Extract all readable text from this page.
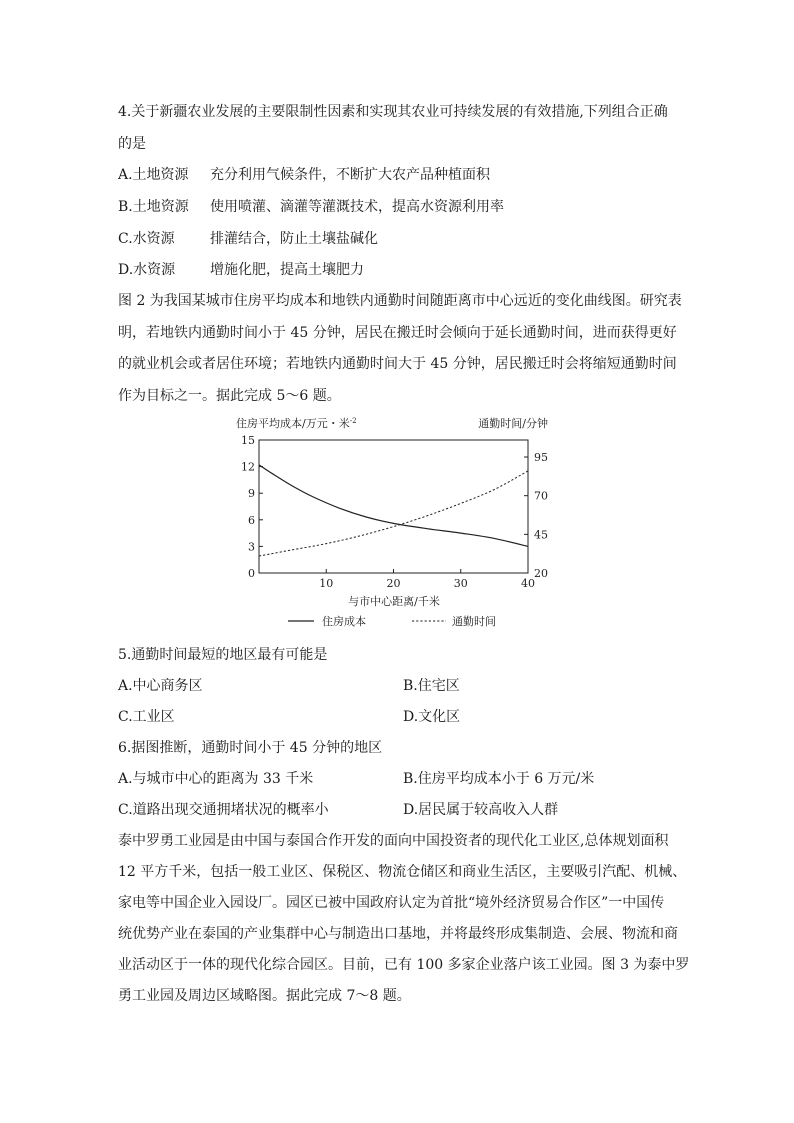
4.关于新疆农业发展的主要限制性因素和实现其农业可持续发展的有效措施,下列组合正确
的是
A.土地资源 充分利用气候条件，不断扩大农产品种植面积
B.土地资源 使用喷灌、滴灌等灌溉技术，提高水资源利用率
C.水资源	排灌结合，防止土壤盐碱化
D.水资源 增施化肥，提高土壤肥力
图 2 为我国某城市住房平均成本和地铁内通勤时间随距离市中心远近的变化曲线图。研究表
明，若地铁内通勤时间小于 45 分钟，居民在搬迁时会倾向于延长通勤时间，进而获得更好
的就业机会或者居住环境；若地铁内通勤时间大于 45 分钟，居民搬迁时会将缩短通勤时间
作为目标之一。据此完成 5～6 题。
住房平均成本/万元・米$^{-2}$	通勤时间/分钟
10	20	30	40
0
3
6
9
12
15
20
45
70
95
与市中心距离/千米
住房成本	通勤时间
5.通勤时间最短的地区最有可能是
A.中心商务区	B.住宅区
C.工业区	D.文化区
6.据图推断，通勤时间小于 45 分钟的地区
A.与城市中心的距离为 33 千米	B.住房平均成本小于 6 万元/米
C.道路出现交通拥堵状况的概率小	D.居民属于较高收入人群
泰中罗勇工业园是由中国与泰国合作开发的面向中国投资者的现代化工业区,总体规划面积
12 平方千米，包括一般工业区、保税区、物流仓储区和商业生活区，主要吸引汽配、机械、
家电等中国企业入园设厂。园区已被中国政府认定为首批“境外经济贸易合作区”一中国传
统优势产业在泰国的产业集群中心与制造出口基地，并将最终形成集制造、会展、物流和商
业活动区于一体的现代化综合园区。目前，已有 100 多家企业落户该工业园。图 3 为泰中罗
勇工业园及周边区域略图。据此完成 7～8 题。
